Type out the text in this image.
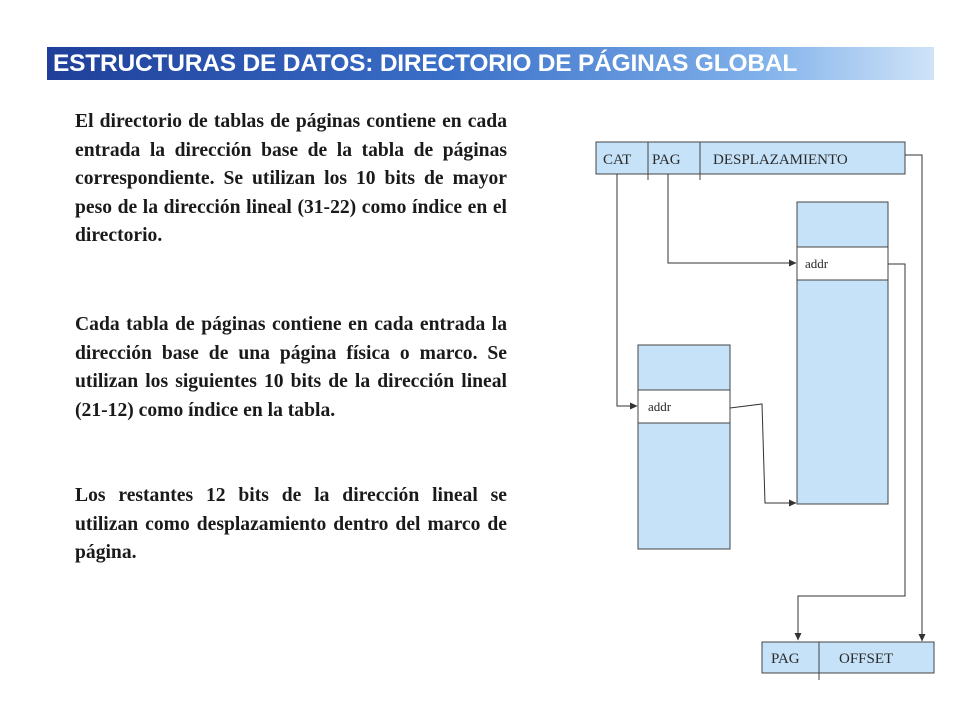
ESTRUCTURAS DE DATOS: DIRECTORIO DE PÁGINAS GLOBAL

El directorio de tablas de páginas contiene en cada entrada la dirección base de la tabla de páginas correspondiente. Se utilizan los 10 bits de mayor peso de la dirección lineal (31-22) como índice en el directorio.

Cada tabla de páginas contiene en cada entrada la dirección base de una página física o marco. Se utilizan los siguientes 10 bits de la dirección lineal (21-12) como índice en la tabla.

Los restantes 12 bits de la dirección lineal se utilizan como desplazamiento dentro del marco de página.

CAT PAG DESPLAZAMIENTO
addr
addr
PAG	OFFSET
